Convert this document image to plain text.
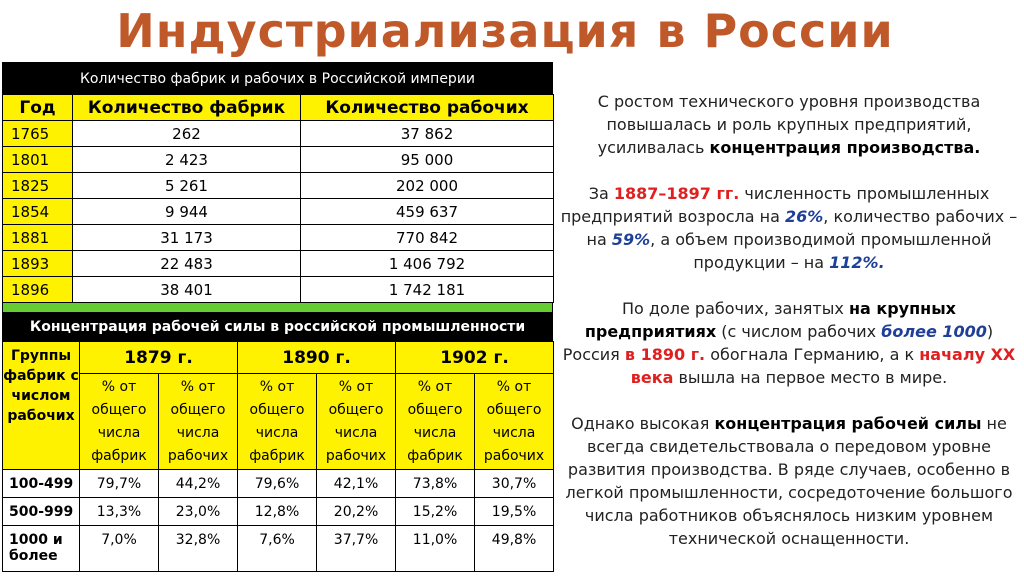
Индустриализация в России
Количество фабрик и рабочих в Российской империи
Год	Количество фабрик	Количество рабочих
1765	262	37 862
1801	2 423	95 000
1825	5 261	202 000
1854	9 944	459 637
1881	31 173	770 842
1893	22 483	1 406 792
1896	38 401	1 742 181
Концентрация рабочей силы в российской промышленности
Группы фабрик с числом рабочих	1879 г.		1890 г.		1902 г.	
	% от общего числа фабрик	% от общего числа рабочих	% от общего числа фабрик	% от общего числа рабочих	% от общего числа фабрик	% от общего числа рабочих
100-499	79,7%	44,2%	79,6%	42,1%	73,8%	30,7%
500-999	13,3%	23,0%	12,8%	20,2%	15,2%	19,5%
1000 и более	7,0%	32,8%	7,6%	37,7%	11,0%	49,8%

С ростом технического уровня производства повышалась и роль крупных предприятий, усиливалась концентрация производства.

За 1887–1897 гг. численность промышленных предприятий возросла на 26%, количество рабочих – на 59%, а объем производимой промышленной продукции – на 112%.

По доле рабочих, занятых на крупных предприятиях (с числом рабочих более 1000) Россия в 1890 г. обогнала Германию, а к началу XX века вышла на первое место в мире.

Однако высокая концентрация рабочей силы не всегда свидетельствовала о передовом уровне развития производства. В ряде случаев, особенно в легкой промышленности, сосредоточение большого числа работников объяснялось низким уровнем технической оснащенности.
